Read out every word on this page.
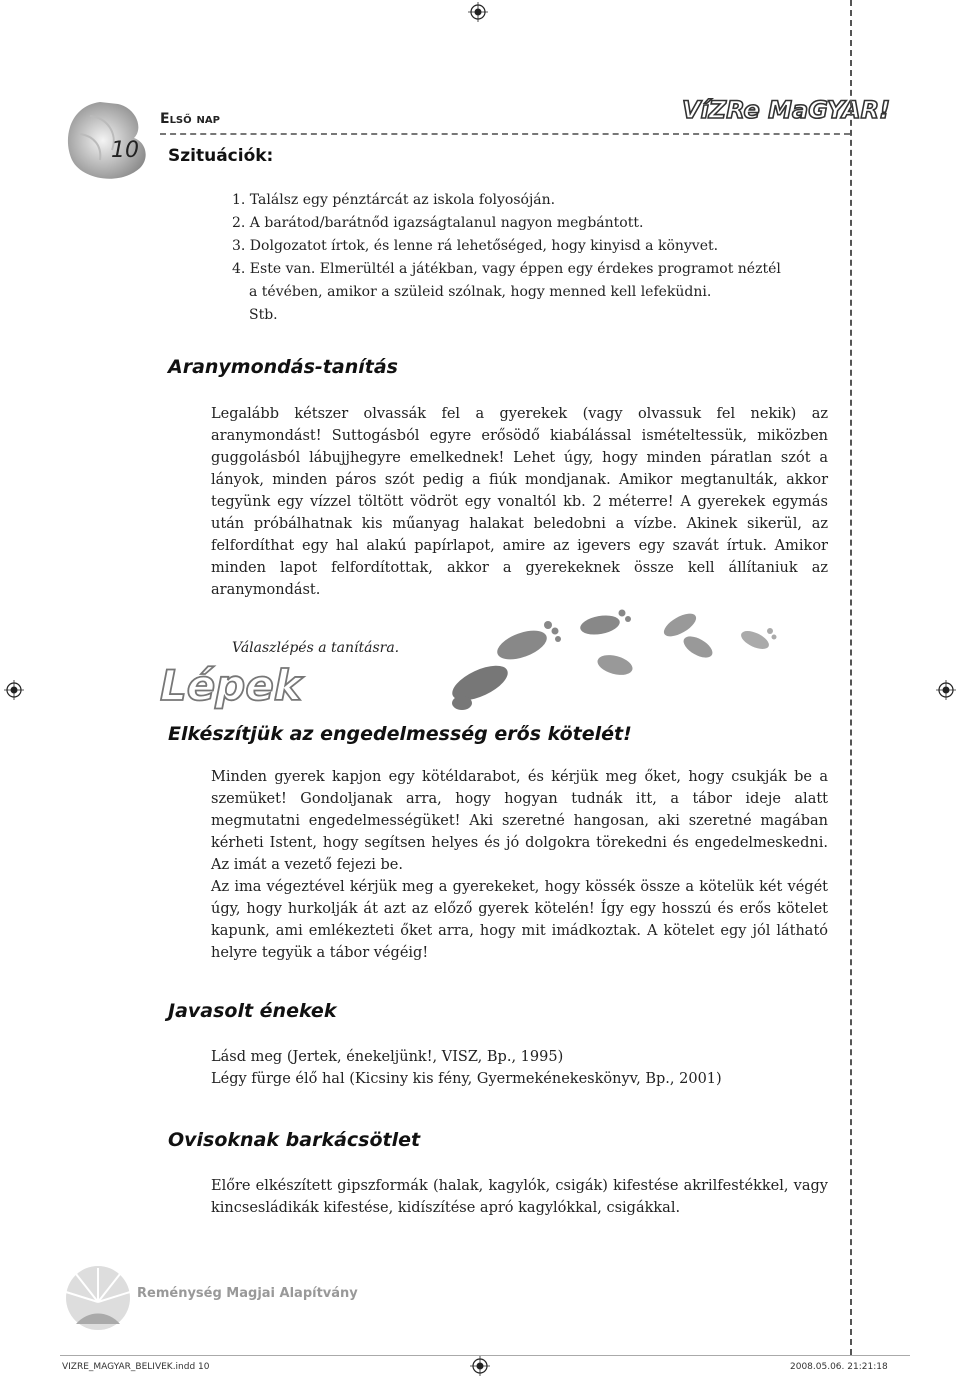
10
Első nap	VíZRe MaGYAR!
Szituációk:
1. Találsz egy pénztárcát az iskola folyosóján.
2. A barátod/barátnőd igazságtalanul nagyon megbántott.
3. Dolgozatot írtok, és lenne rá lehetőséged, hogy kinyisd a könyvet.
4. Este van. Elmerültél a játékban, vagy éppen egy érdekes programot néztél
a tévében, amikor a szüleid szólnak, hogy menned kell lefeküdni.
Stb.
Aranymondás-tanítás

Legalább kétszer olvassák fel a gyerekek (vagy olvassuk fel nekik) az aranymondást! Suttogásból egyre erősödő kiabálással ismételtessük, miközben guggolásból lábujjhegyre emelkednek! Lehet úgy, hogy minden páratlan szót a lányok, minden páros szót pedig a fiúk mondjanak. Amikor megtanulták, akkor tegyünk egy vízzel töltött vödröt egy vonaltól kb. 2 méterre! A gyerekek egymás után próbálhatnak kis műanyag halakat beledobni a vízbe. Akinek sikerül, az felfordíthat egy hal alakú papírlapot, amire az igevers egy szavát írtuk. Amikor minden lapot felfordítottak, akkor a gyerekeknek össze kell állítaniuk az aranymondást.

Lépek
Válaszlépés a tanításra.
Elkészítjük az engedelmesség erős kötelét!

Minden gyerek kapjon egy kötéldarabot, és kérjük meg őket, hogy csukják be a szemüket! Gondoljanak arra, hogy hogyan tudnák itt, a tábor ideje alatt megmutatni engedelmességüket! Aki szeretné hangosan, aki szeretné magában kérheti Istent, hogy segítsen helyes és jó dolgokra törekedni és engedelmeskedni. Az imát a vezető fejezi be.

Az ima végeztével kérjük meg a gyerekeket, hogy kössék össze a kötelük két végét úgy, hogy hurkolják át azt az előző gyerek kötelén! Így egy hosszú és erős kötelet kapunk, ami emlékezteti őket arra, hogy mit imádkoztak. A kötelet egy jól látható helyre tegyük a tábor végéig!

Javasolt énekek

Lásd meg (Jertek, énekeljünk!, VISZ, Bp., 1995)

Légy fürge élő hal (Kicsiny kis fény, Gyermekénekeskönyv, Bp., 2001)

Ovisoknak barkácsötlet

Előre elkészített gipszformák (halak, kagylók, csigák) kifestése akrilfestékkel, vagy kincsesládikák kifestése, kidíszítése apró kagylókkal, csigákkal.

Reménység Magjai Alapítvány
VIZRE_MAGYAR_BELIVEK.indd 10	2008.05.06. 21:21:18
